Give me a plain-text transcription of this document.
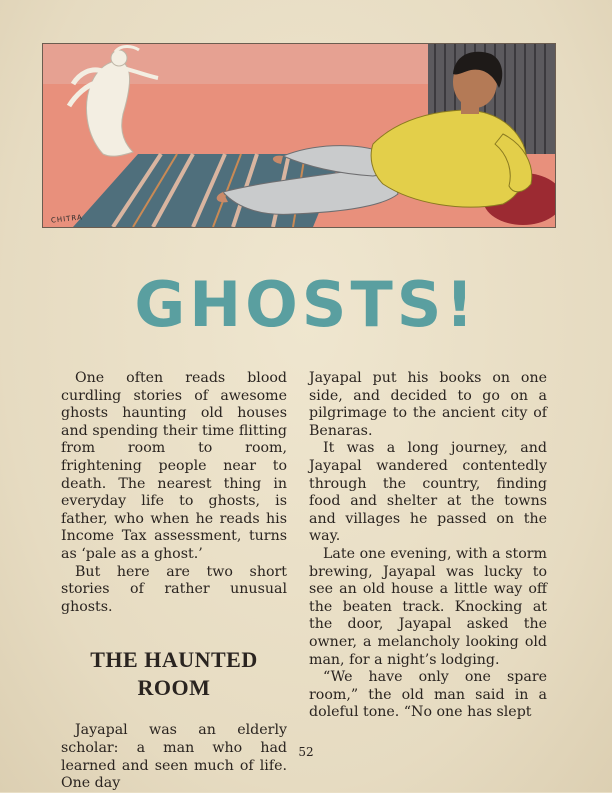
CHITRA
GHOSTS!

One often reads blood curdling stories of awesome ghosts haunting old houses and spending their time flitting from room to room, frightening people near to death. The nearest thing in everyday life to ghosts, is father, who when he reads his Income Tax assessment, turns as ‘pale as a ghost.’

But here are two short stories of rather unusual ghosts.

THE HAUNTED ROOM

Jayapal was an elderly scholar: a man who had learned and seen much of life. One day

Jayapal put his books on one side, and decided to go on a pilgrimage to the ancient city of Benaras.

It was a long journey, and Jayapal wandered contentedly through the country, finding food and shelter at the towns and villages he passed on the way.

Late one evening, with a storm brewing, Jayapal was lucky to see an old house a little way off the beaten track. Knocking at the door, Jayapal asked the owner, a melancholy looking old man, for a night’s lodging.

“We have only one spare room,” the old man said in a doleful tone. “No one has slept

52
